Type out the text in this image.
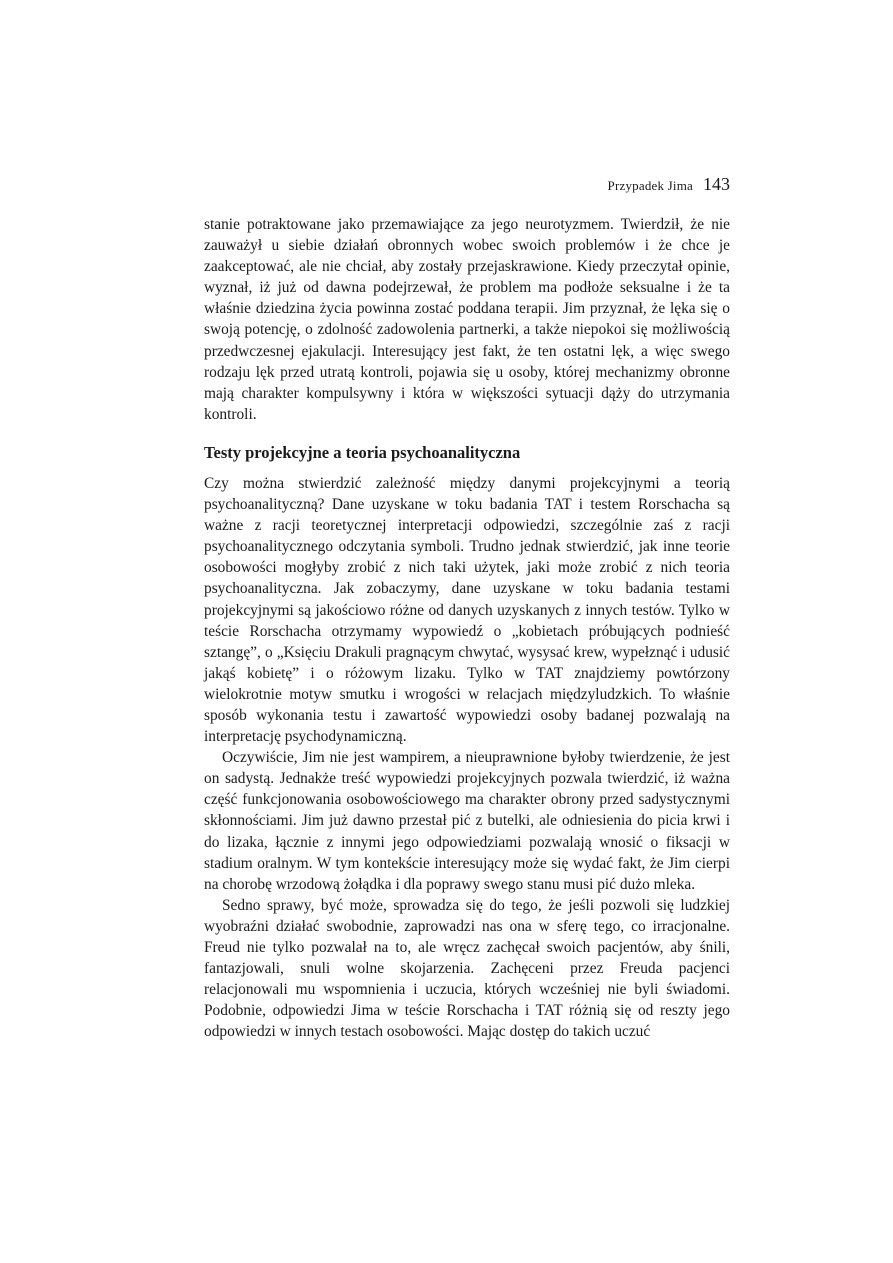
Przypadek Jima 143

stanie potraktowane jako przemawiające za jego neurotyzmem. Twierdził, że nie zauważył u siebie działań obronnych wobec swoich problemów i że chce je zaakceptować, ale nie chciał, aby zostały przejaskrawione. Kiedy przeczytał opinie, wyznał, iż już od dawna podejrzewał, że problem ma podłoże seksualne i że ta właśnie dziedzina życia powinna zostać poddana terapii. Jim przyznał, że lęka się o swoją potencję, o zdolność zadowolenia partnerki, a także niepokoi się możliwością przedwczesnej ejakulacji. Interesujący jest fakt, że ten ostatni lęk, a więc swego rodzaju lęk przed utratą kontroli, pojawia się u osoby, której mechanizmy obronne mają charakter kompulsywny i która w większości sytuacji dąży do utrzymania kontroli.

Testy projekcyjne a teoria psychoanalityczna

Czy można stwierdzić zależność między danymi projekcyjnymi a teorią psychoanalityczną? Dane uzyskane w toku badania TAT i testem Rorschacha są ważne z racji teoretycznej interpretacji odpowiedzi, szczególnie zaś z racji psychoanalitycznego odczytania symboli. Trudno jednak stwierdzić, jak inne teorie osobowości mogłyby zrobić z nich taki użytek, jaki może zrobić z nich teoria psychoanalityczna. Jak zobaczymy, dane uzyskane w toku badania testami projekcyjnymi są jakościowo różne od danych uzyskanych z innych testów. Tylko w teście Rorschacha otrzymamy wypowiedź o „kobietach próbujących podnieść sztangę”, o „Księciu Drakuli pragnącym chwytać, wysysać krew, wypełznąć i udusić jakąś kobietę” i o różowym lizaku. Tylko w TAT znajdziemy powtórzony wielokrotnie motyw smutku i wrogości w relacjach międzyludzkich. To właśnie sposób wykonania testu i zawartość wypowiedzi osoby badanej pozwalają na interpretację psychodynamiczną.

Oczywiście, Jim nie jest wampirem, a nieuprawnione byłoby twierdzenie, że jest on sadystą. Jednakże treść wypowiedzi projekcyjnych pozwala twierdzić, iż ważna część funkcjonowania osobowościowego ma charakter obrony przed sadystycznymi skłonnościami. Jim już dawno przestał pić z butelki, ale odniesienia do picia krwi i do lizaka, łącznie z innymi jego odpowiedziami pozwalają wnosić o fiksacji w stadium oralnym. W tym kontekście interesujący może się wydać fakt, że Jim cierpi na chorobę wrzodową żołądka i dla poprawy swego stanu musi pić dużo mleka.

Sedno sprawy, być może, sprowadza się do tego, że jeśli pozwoli się ludzkiej wyobraźni działać swobodnie, zaprowadzi nas ona w sferę tego, co irracjonalne. Freud nie tylko pozwalał na to, ale wręcz zachęcał swoich pacjentów, aby śnili, fantazjowali, snuli wolne skojarzenia. Zachęceni przez Freuda pacjenci relacjonowali mu wspomnienia i uczucia, których wcześniej nie byli świadomi. Podobnie, odpowiedzi Jima w teście Rorschacha i TAT różnią się od reszty jego odpowiedzi w innych testach osobowości. Mając dostęp do takich uczuć
